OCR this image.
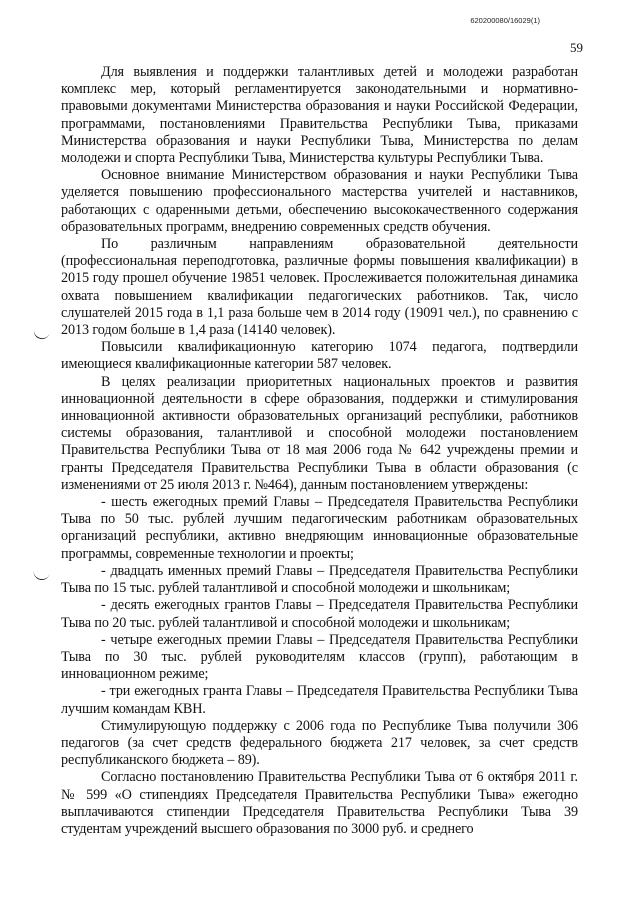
620200080/16029(1)
59

Для выявления и поддержки талантливых детей и молодежи разработан комплекс мер, который регламентируется законодательными и нормативно-правовыми документами Министерства образования и науки Российской Федерации, программами, постановлениями Правительства Республики Тыва, приказами Министерства образования и науки Республики Тыва, Министерства по делам молодежи и спорта Республики Тыва, Министерства культуры Республики Тыва.

Основное внимание Министерством образования и науки Республики Тыва уделяется повышению профессионального мастерства учителей и наставников, работающих с одаренными детьми, обеспечению высококачественного содержания образовательных программ, внедрению современных средств обучения.

По различным направлениям образовательной деятельности (профессиональная переподготовка, различные формы повышения квалификации) в 2015 году прошел обучение 19851 человек. Прослеживается положительная динамика охвата повышением квалификации педагогических работников. Так, число слушателей 2015 года в 1,1 раза больше чем в 2014 году (19091 чел.), по сравнению с 2013 годом больше в 1,4 раза (14140 человек).

Повысили квалификационную категорию 1074 педагога, подтвердили имеющиеся квалификационные категории 587 человек.

В целях реализации приоритетных национальных проектов и развития инновационной деятельности в сфере образования, поддержки и стимулирования инновационной активности образовательных организаций республики, работников системы образования, талантливой и способной молодежи постановлением Правительства Республики Тыва от 18 мая 2006 года № 642 учреждены премии и гранты Председателя Правительства Республики Тыва в области образования (с изменениями от 25 июля 2013 г. №464), данным постановлением утверждены:

- шесть ежегодных премий Главы – Председателя Правительства Республики Тыва по 50 тыс. рублей лучшим педагогическим работникам образовательных организаций республики, активно внедряющим инновационные образовательные программы, современные технологии и проекты;

- двадцать именных премий Главы – Председателя Правительства Республики Тыва по 15 тыс. рублей талантливой и способной молодежи и школьникам;

- десять ежегодных грантов Главы – Председателя Правительства Республики Тыва по 20 тыс. рублей талантливой и способной молодежи и школьникам;

- четыре ежегодных премии Главы – Председателя Правительства Республики Тыва по 30 тыс. рублей руководителям классов (групп), работающим в инновационном режиме;

- три ежегодных гранта Главы – Председателя Правительства Республики Тыва лучшим командам КВН.

Стимулирующую поддержку с 2006 года по Республике Тыва получили 306 педагогов (за счет средств федерального бюджета 217 человек, за счет средств республиканского бюджета – 89).

Согласно постановлению Правительства Республики Тыва от 6 октября 2011 г. № 599 «О стипендиях Председателя Правительства Республики Тыва» ежегодно выплачиваются стипендии Председателя Правительства Республики Тыва 39 студентам учреждений высшего образования по 3000 руб. и среднего
